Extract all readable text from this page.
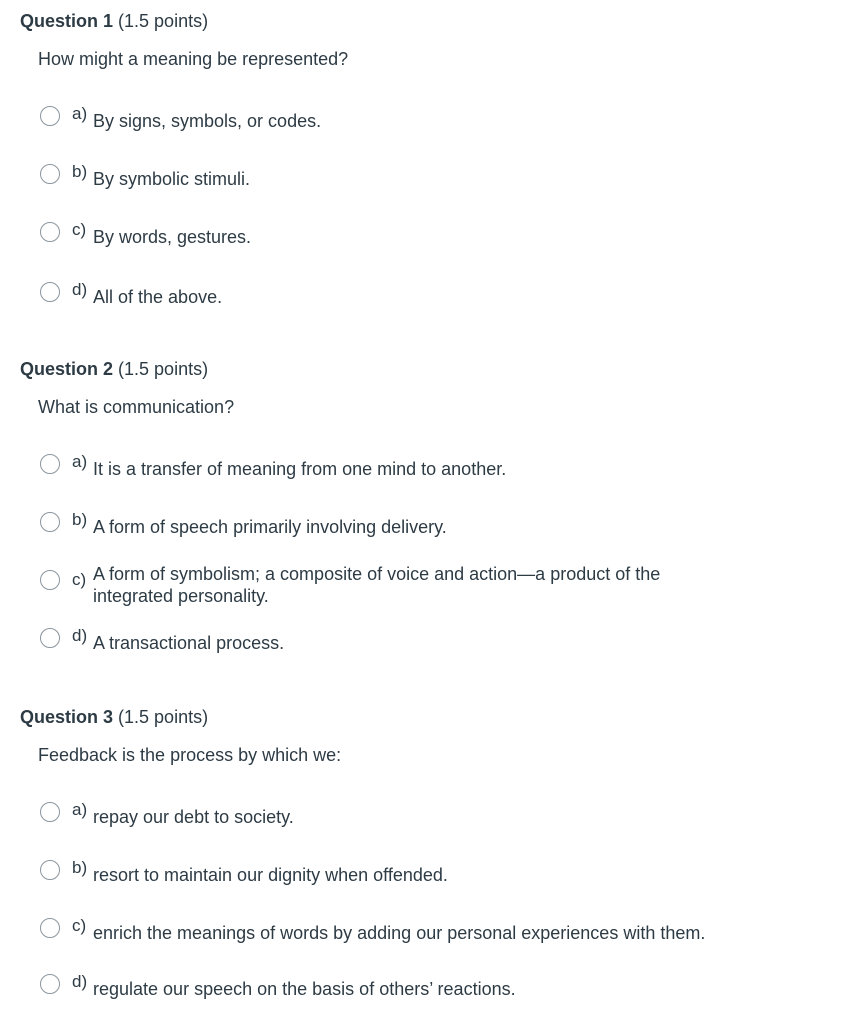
Question 1 (1.5 points)
How might a meaning be represented?
a) By signs, symbols, or codes.
b) By symbolic stimuli.
c) By words, gestures.
d) All of the above.
Question 2 (1.5 points)
What is communication?
a) It is a transfer of meaning from one mind to another.
b) A form of speech primarily involving delivery.
c) A form of symbolism; a composite of voice and action—a product of the integrated personality.
d) A transactional process.
Question 3 (1.5 points)
Feedback is the process by which we:
a) repay our debt to society.
b) resort to maintain our dignity when offended.
c) enrich the meanings of words by adding our personal experiences with them.
d) regulate our speech on the basis of others’ reactions.
